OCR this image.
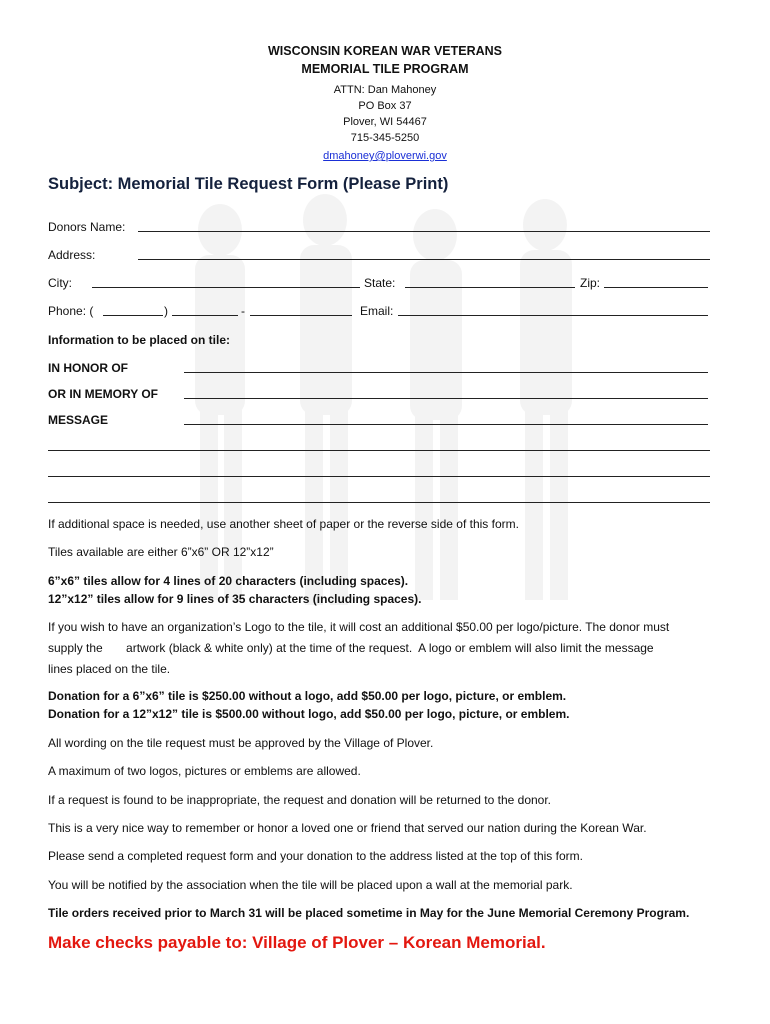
WISCONSIN KOREAN WAR VETERANS
MEMORIAL TILE PROGRAM
ATTN: Dan Mahoney
PO Box 37
Plover, WI 54467
715-345-5250
dmahoney@ploverwi.gov
Subject: Memorial Tile Request Form (Please Print)
Donors Name:
Address:
City:	State:	Zip:
Phone: (	)	-	Email:
Information to be placed on tile:
IN HONOR OF
OR IN MEMORY OF
MESSAGE
If additional space is needed, use another sheet of paper or the reverse side of this form.
Tiles available are either 6”x6” OR 12”x12”
6”x6” tiles allow for 4 lines of 20 characters (including spaces).
12”x12” tiles allow for 9 lines of 35 characters (including spaces).
If you wish to have an organization’s Logo to the tile, it will cost an additional $50.00 per logo/picture. The donor must
supply the       artwork (black & white only) at the time of the request.  A logo or emblem will also limit the message
lines placed on the tile.
Donation for a 6”x6” tile is $250.00 without a logo, add $50.00 per logo, picture, or emblem.
Donation for a 12”x12” tile is $500.00 without logo, add $50.00 per logo, picture, or emblem.
All wording on the tile request must be approved by the Village of Plover.
A maximum of two logos, pictures or emblems are allowed.
If a request is found to be inappropriate, the request and donation will be returned to the donor.
This is a very nice way to remember or honor a loved one or friend that served our nation during the Korean War.
Please send a completed request form and your donation to the address listed at the top of this form.
You will be notified by the association when the tile will be placed upon a wall at the memorial park.
Tile orders received prior to March 31 will be placed sometime in May for the June Memorial Ceremony Program.
Make checks payable to: Village of Plover – Korean Memorial.
